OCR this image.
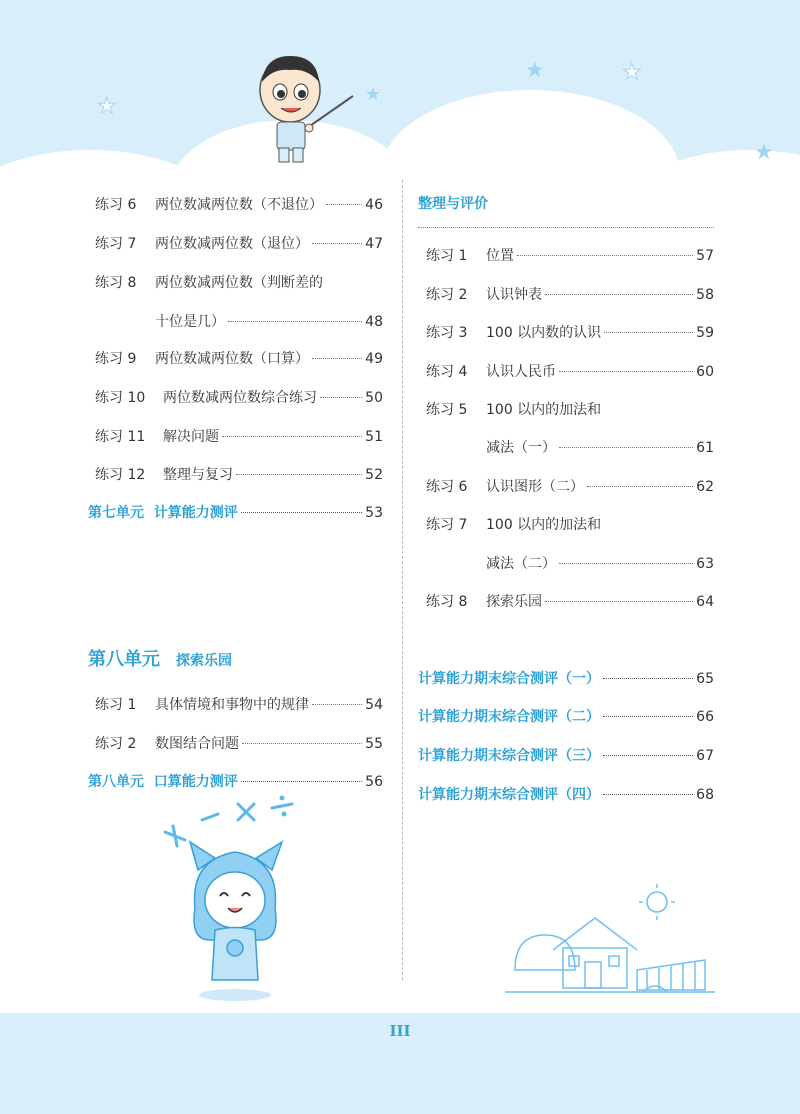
★	★
★
★
★
练习 6	两位数减两位数（不退位）	46
练习 7	两位数减两位数（退位）	47
练习 8	两位数减两位数（判断差的
十位是几）	48
练习 9	两位数减两位数（口算）	49
练习 10	两位数减两位数综合练习	50
练习 11	解决问题	51
练习 12	整理与复习	52
第七单元  计算能力测评	53
第八单元 探索乐园
练习 1	具体情境和事物中的规律	54
练习 2	数图结合问题	55
第八单元  口算能力测评	56
整理与评价
练习 1	位置	57
练习 2	认识钟表	58
练习 3	100 以内数的认识	59
练习 4	认识人民币	60
练习 5	100 以内的加法和
减法（一）	61
练习 6	认识图形（二）	62
练习 7	100 以内的加法和
减法（二）	63
练习 8	探索乐园	64
计算能力期末综合测评（一）	65
计算能力期末综合测评（二）	66
计算能力期末综合测评（三）	67
计算能力期末综合测评（四）	68
III
